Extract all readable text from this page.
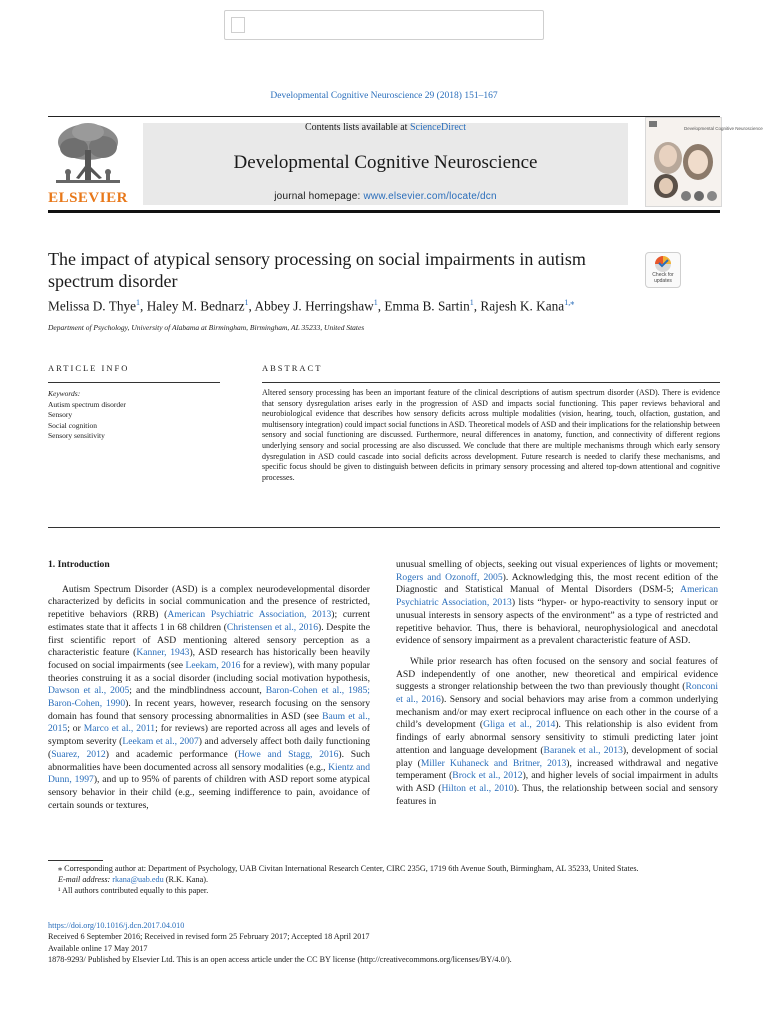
Developmental Cognitive Neuroscience 29 (2018) 151–167
ELSEVIER
Contents lists available at ScienceDirect
Developmental Cognitive Neuroscience
journal homepage: www.elsevier.com/locate/dcn
Developmental Cognitive Neuroscience
The impact of atypical sensory processing on social impairments in autism spectrum disorder	Check for updates
Melissa D. Thye$^1$, Haley M. Bednarz$^1$, Abbey J. Herringshaw$^1$, Emma B. Sartin$^1$, Rajesh K. Kana$^{1,⁎}$
Department of Psychology, University of Alabama at Birmingham, Birmingham, AL 35233, United States
ARTICLE INFO
Keywords:
Autism spectrum disorder
Sensory
Social cognition
Sensory sensitivity
ABSTRACT
Altered sensory processing has been an important feature of the clinical descriptions of autism spectrum disorder (ASD). There is evidence that sensory dysregulation arises early in the progression of ASD and impacts social functioning. This paper reviews behavioral and neurobiological evidence that describes how sensory deficits across multiple modalities (vision, hearing, touch, olfaction, gustation, and multisensory integration) could impact social functions in ASD. Theoretical models of ASD and their implications for the relationship between sensory and social functioning are discussed. Furthermore, neural differences in anatomy, function, and connectivity of different regions underlying sensory and social processing are also discussed. We conclude that there are multiple mechanisms through which early sensory dysregulation in ASD could cascade into social deficits across development. Future research is needed to clarify these mechanisms, and specific focus should be given to distinguish between deficits in primary sensory processing and altered top-down attentional and cognitive processes.

1. Introduction

Autism Spectrum Disorder (ASD) is a complex neurodevelopmental disorder characterized by deficits in social communication and the presence of restricted, repetitive behaviors (RRB) (American Psychiatric Association, 2013); current estimates state that it affects 1 in 68 children (Christensen et al., 2016). Despite the first scientific report of ASD mentioning altered sensory perception as a characteristic feature (Kanner, 1943), ASD research has historically been heavily focused on social impairments (see Leekam, 2016 for a review), with many popular theories construing it as a social disorder (including social motivation hypothesis, Dawson et al., 2005; and the mindblindness account, Baron-Cohen et al., 1985; Baron-Cohen, 1990). In recent years, however, research focusing on the sensory domain has found that sensory processing abnormalities in ASD (see Baum et al., 2015; or Marco et al., 2011; for reviews) are reported across all ages and levels of symptom severity (Leekam et al., 2007) and adversely affect both daily functioning (Suarez, 2012) and academic performance (Howe and Stagg, 2016). Such abnormalities have been documented across all sensory modalities (e.g., Kientz and Dunn, 1997), and up to 95% of parents of children with ASD report some atypical sensory behavior in their child (e.g., seeming indifference to pain, avoidance of certain sounds or textures,

unusual smelling of objects, seeking out visual experiences of lights or movement; Rogers and Ozonoff, 2005). Acknowledging this, the most recent edition of the Diagnostic and Statistical Manual of Mental Disorders (DSM-5; American Psychiatric Association, 2013) lists “hyper- or hypo-reactivity to sensory input or unusual interests in sensory aspects of the environment” as a type of restricted and repetitive behavior. Thus, there is behavioral, neurophysiological and anecdotal evidence of sensory impairment as a prevalent characteristic feature of ASD.

While prior research has often focused on the sensory and social features of ASD independently of one another, new theoretical and empirical evidence suggests a stronger relationship between the two than previously thought (Ronconi et al., 2016). Sensory and social behaviors may arise from a common underlying mechanism and/or may exert reciprocal influence on each other in the course of a child’s development (Gliga et al., 2014). This relationship is also evident from findings of early abnormal sensory sensitivity to stimuli predicting later joint attention and language development (Baranek et al., 2013), development of social play (Miller Kuhaneck and Britner, 2013), increased withdrawal and negative temperament (Brock et al., 2012), and higher levels of social impairment in adults with ASD (Hilton et al., 2010). Thus, the relationship between social and sensory features in

⁎ Corresponding author at: Department of Psychology, UAB Civitan International Research Center, CIRC 235G, 1719 6th Avenue South, Birmingham, AL 35233, United States.

E-mail address: rkana@uab.edu (R.K. Kana).

¹ All authors contributed equally to this paper.

https://doi.org/10.1016/j.dcn.2017.04.010

Received 6 September 2016; Received in revised form 25 February 2017; Accepted 18 April 2017

Available online 17 May 2017

1878-9293/ Published by Elsevier Ltd. This is an open access article under the CC BY license (http://creativecommons.org/licenses/BY/4.0/).
